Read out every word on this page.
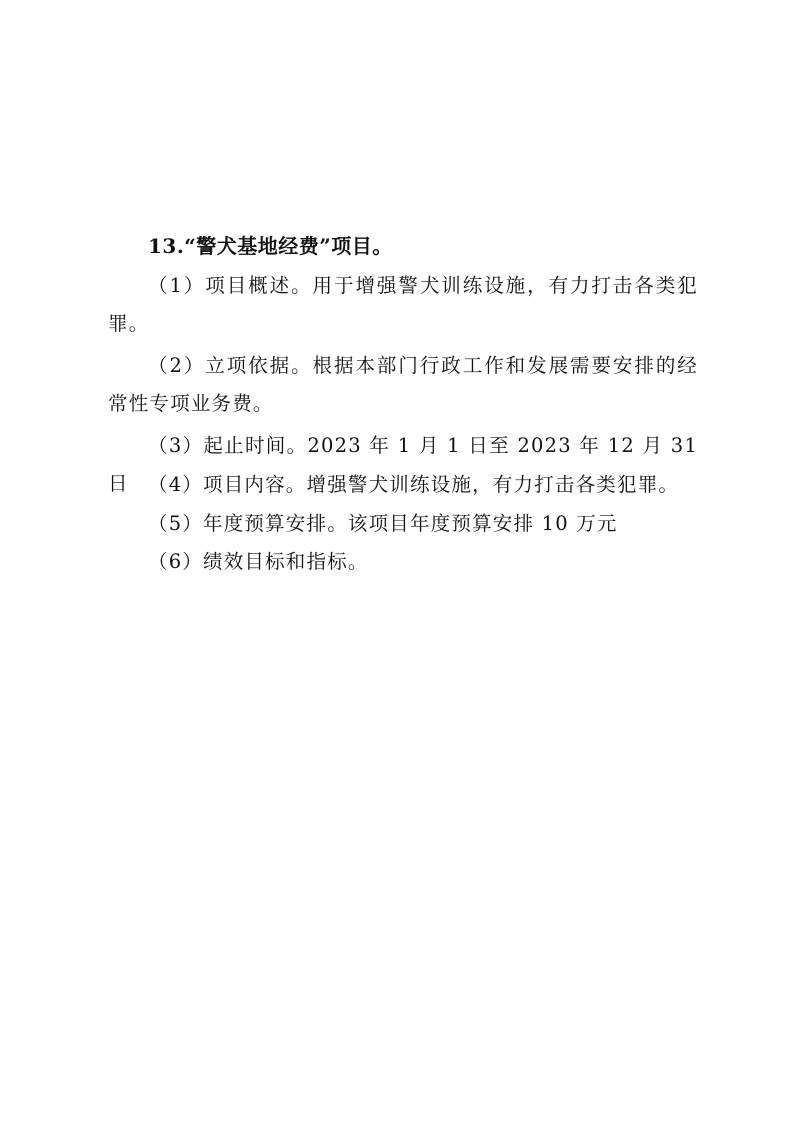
13.“警犬基地经费”项目。
（1）项目概述。用于增强警犬训练设施，有力打击各类犯罪。
（2）立项依据。根据本部门行政工作和发展需要安排的经常性专项业务费。
（3）起止时间。2023 年 1 月 1 日至 2023 年 12 月 31 日 （4）项目内容。增强警犬训练设施，有力打击各类犯罪。
（5）年度预算安排。该项目年度预算安排 10 万元
（6）绩效目标和指标。
